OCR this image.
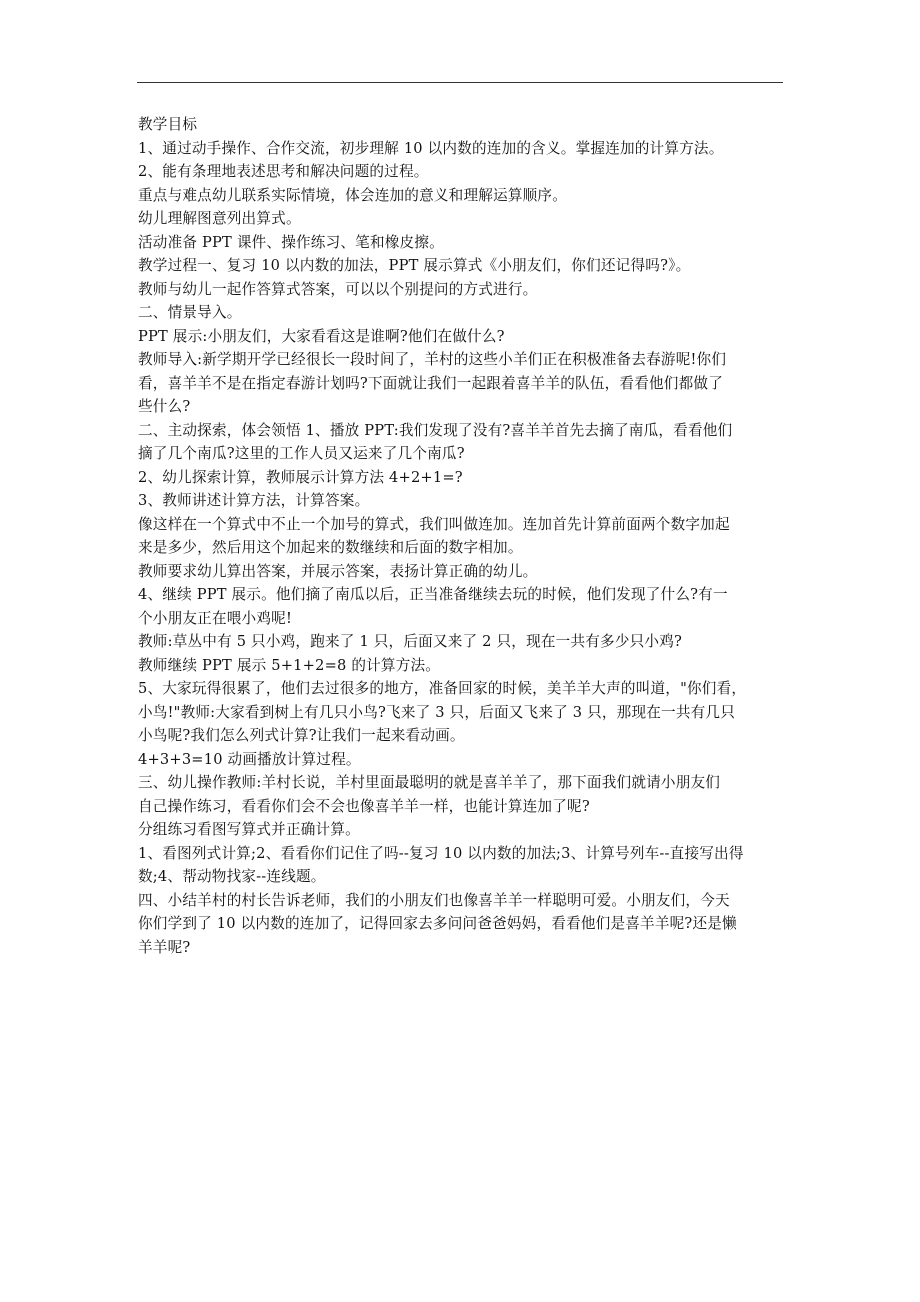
教学目标
1、通过动手操作、合作交流，初步理解 10 以内数的连加的含义。掌握连加的计算方法。
2、能有条理地表述思考和解决问题的过程。
重点与难点幼儿联系实际情境，体会连加的意义和理解运算顺序。
幼儿理解图意列出算式。
活动准备 PPT 课件、操作练习、笔和橡皮擦。
教学过程一、复习 10 以内数的加法，PPT 展示算式《小朋友们，你们还记得吗?》。
教师与幼儿一起作答算式答案，可以以个别提问的方式进行。
二、情景导入。
PPT 展示:小朋友们，大家看看这是谁啊?他们在做什么?
教师导入:新学期开学已经很长一段时间了，羊村的这些小羊们正在积极准备去春游呢!你们
看，喜羊羊不是在指定春游计划吗?下面就让我们一起跟着喜羊羊的队伍，看看他们都做了
些什么?
二、主动探索，体会领悟 1、播放 PPT:我们发现了没有?喜羊羊首先去摘了南瓜，看看他们
摘了几个南瓜?这里的工作人员又运来了几个南瓜?
2、幼儿探索计算，教师展示计算方法 4+2+1=?
3、教师讲述计算方法，计算答案。
像这样在一个算式中不止一个加号的算式，我们叫做连加。连加首先计算前面两个数字加起
来是多少，然后用这个加起来的数继续和后面的数字相加。
教师要求幼儿算出答案，并展示答案，表扬计算正确的幼儿。
4、继续 PPT 展示。他们摘了南瓜以后，正当准备继续去玩的时候，他们发现了什么?有一
个小朋友正在喂小鸡呢!
教师:草丛中有 5 只小鸡，跑来了 1 只，后面又来了 2 只，现在一共有多少只小鸡?
教师继续 PPT 展示 5+1+2=8 的计算方法。
5、大家玩得很累了，他们去过很多的地方，准备回家的时候，美羊羊大声的叫道，"你们看，
小鸟!"教师:大家看到树上有几只小鸟?飞来了 3 只，后面又飞来了 3 只，那现在一共有几只
小鸟呢?我们怎么列式计算?让我们一起来看动画。
4+3+3=10 动画播放计算过程。
三、幼儿操作教师:羊村长说，羊村里面最聪明的就是喜羊羊了，那下面我们就请小朋友们
自己操作练习，看看你们会不会也像喜羊羊一样，也能计算连加了呢?
分组练习看图写算式并正确计算。
1、看图列式计算;2、看看你们记住了吗--复习 10 以内数的加法;3、计算号列车--直接写出得
数;4、帮动物找家--连线题。
四、小结羊村的村长告诉老师，我们的小朋友们也像喜羊羊一样聪明可爱。小朋友们，今天
你们学到了 10 以内数的连加了，记得回家去多问问爸爸妈妈，看看他们是喜羊羊呢?还是懒
羊羊呢?
